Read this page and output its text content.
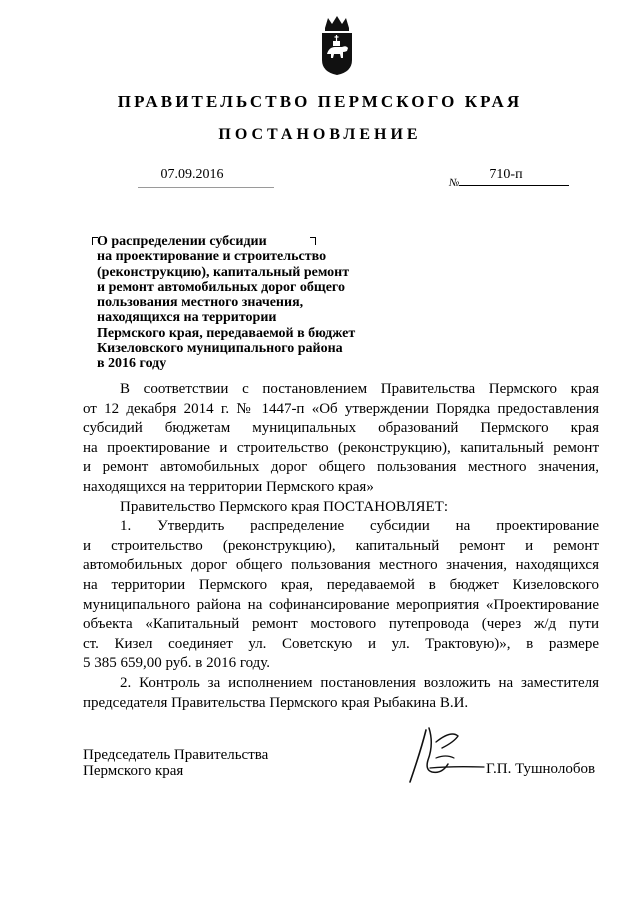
ПРАВИТЕЛЬСТВО ПЕРМСКОГО КРАЯ
ПОСТАНОВЛЕНИЕ
07.09.2016
№
710-п
О распределении субсидии
на проектирование и строительство
(реконструкцию), капитальный ремонт
и ремонт автомобильных дорог общего
пользования местного значения,
находящихся на территории
Пермского края, передаваемой в бюджет
Кизеловского муниципального района
в 2016 году
В соответствии с постановлением Правительства Пермского края
от 12 декабря 2014 г. № 1447-п «Об утверждении Порядка предоставления
субсидий бюджетам муниципальных образований Пермского края
на проектирование и строительство (реконструкцию), капитальный ремонт
и ремонт автомобильных дорог общего пользования местного значения,
находящихся на территории Пермского края»
Правительство Пермского края ПОСТАНОВЛЯЕТ:
1. Утвердить распределение субсидии на проектирование
и строительство (реконструкцию), капитальный ремонт и ремонт
автомобильных дорог общего пользования местного значения, находящихся
на территории Пермского края, передаваемой в бюджет Кизеловского
муниципального района на софинансирование мероприятия «Проектирование
объекта «Капитальный ремонт мостового путепровода (через ж/д пути
ст. Кизел соединяет ул. Советскую и ул. Трактовую)», в размере
5 385 659,00 руб. в 2016 году.
2. Контроль за исполнением постановления возложить на заместителя
председателя Правительства Пермского края Рыбакина В.И.
Председатель Правительства
Пермского края	Г.П. Тушнолобов
